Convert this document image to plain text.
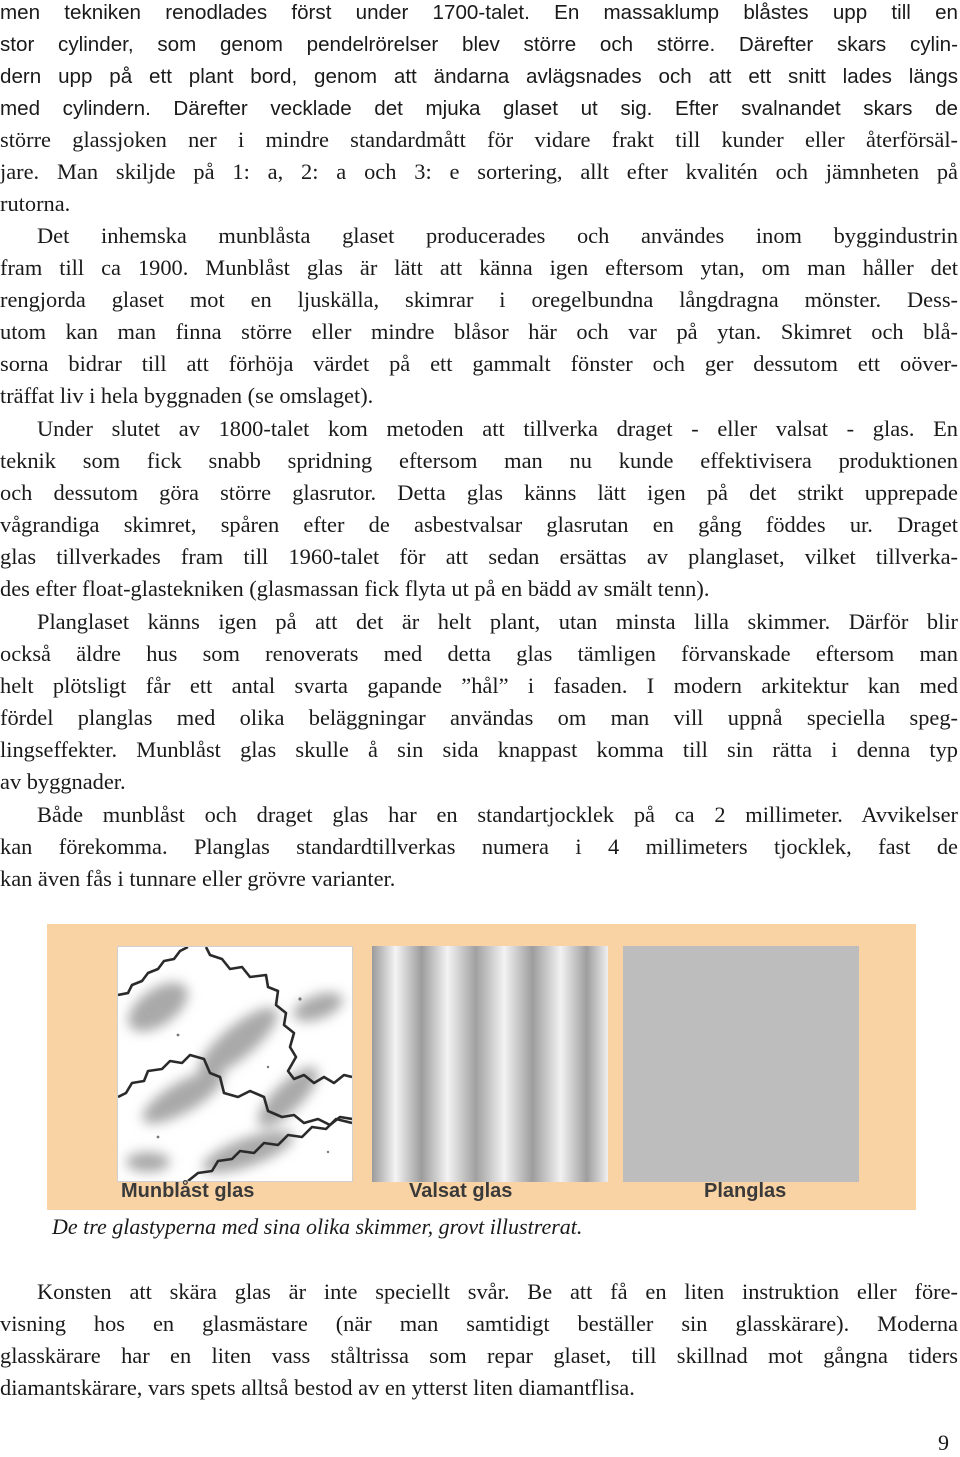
men tekniken renodlades först under 1700-talet. En massaklump blåstes upp till en
stor cylinder, som genom pendelrörelser blev större och större. Därefter skars cylin-
dern upp på ett plant bord, genom att ändarna avlägsnades och att ett snitt lades längs
med cylindern. Därefter vecklade det mjuka glaset ut sig. Efter svalnandet skars de
större glassjoken ner i mindre standardmått för vidare frakt till kunder eller återförsäl-
jare. Man skiljde på 1: a, 2: a och 3: e sortering, allt efter kvalitén och jämnheten på
rutorna.
Det inhemska munblåsta glaset producerades och användes inom byggindustrin
fram till ca 1900. Munblåst glas är lätt att känna igen eftersom ytan, om man håller det
rengjorda glaset mot en ljuskälla, skimrar i oregelbundna långdragna mönster. Dess-
utom kan man finna större eller mindre blåsor här och var på ytan. Skimret och blå-
sorna bidrar till att förhöja värdet på ett gammalt fönster och ger dessutom ett oöver-
träffat liv i hela byggnaden (se omslaget).
Under slutet av 1800-talet kom metoden att tillverka draget - eller valsat - glas. En
teknik som fick snabb spridning eftersom man nu kunde effektivisera produktionen
och dessutom göra större glasrutor. Detta glas känns lätt igen på det strikt upprepade
vågrandiga skimret, spåren efter de asbestvalsar glasrutan en gång föddes ur. Draget
glas tillverkades fram till 1960-talet för att sedan ersättas av planglaset, vilket tillverka-
des efter float-glastekniken (glasmassan fick flyta ut på en bädd av smält tenn).
Planglaset känns igen på att det är helt plant, utan minsta lilla skimmer. Därför blir
också äldre hus som renoverats med detta glas tämligen förvanskade eftersom man
helt plötsligt får ett antal svarta gapande ”hål” i fasaden. I modern arkitektur kan med
fördel planglas med olika beläggningar användas om man vill uppnå speciella speg-
lingseffekter. Munblåst glas skulle å sin sida knappast komma till sin rätta i denna typ
av byggnader.
Både munblåst och draget glas har en standartjocklek på ca 2 millimeter. Avvikelser
kan förekomma. Planglas standardtillverkas numera i 4 millimeters tjocklek, fast de
kan även fås i tunnare eller grövre varianter.
Munblåst glas	Valsat glas	Planglas
De tre glastyperna med sina olika skimmer, grovt illustrerat.
Konsten att skära glas är inte speciellt svår. Be att få en liten instruktion eller före-
visning hos en glasmästare (när man samtidigt beställer sin glasskärare). Moderna
glasskärare har en liten vass ståltrissa som repar glaset, till skillnad mot gångna tiders
diamantskärare, vars spets alltså bestod av en ytterst liten diamantflisa.
9
